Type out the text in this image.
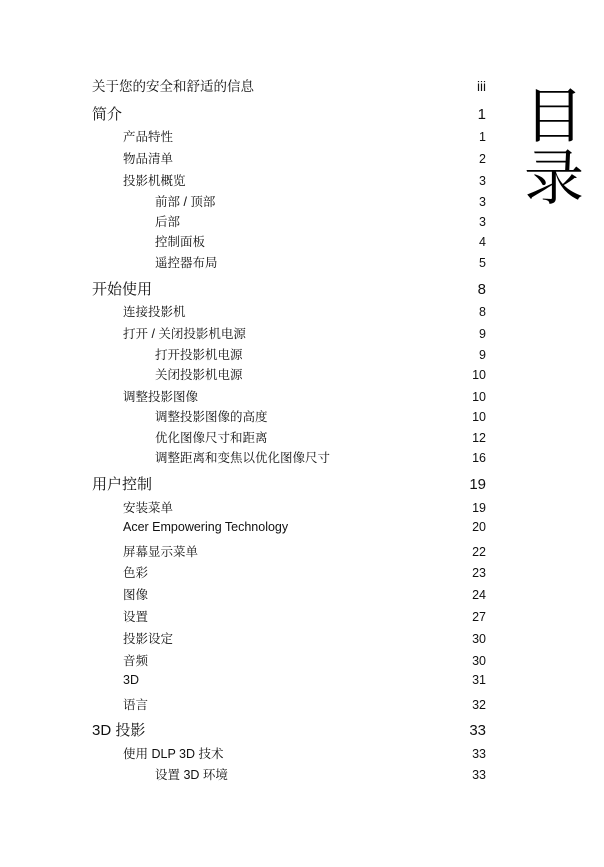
目
录
关于您的安全和舒适的信息	iii
简介	1
产品特性	1
物品清单	2
投影机概览	3
前部 / 顶部	3
后部	3
控制面板	4
遥控器布局	5
开始使用	8
连接投影机	8
打开 / 关闭投影机电源	9
打开投影机电源	9
关闭投影机电源	10
调整投影图像	10
调整投影图像的高度	10
优化图像尺寸和距离	12
调整距离和变焦以优化图像尺寸	16
用户控制	19
安装菜单	19
Acer Empowering Technology	20
屏幕显示菜单	22
色彩	23
图像	24
设置	27
投影设定	30
音频	30
3D	31
语言	32
3D 投影	33
使用 DLP 3D 技术	33
设置 3D 环境	33
